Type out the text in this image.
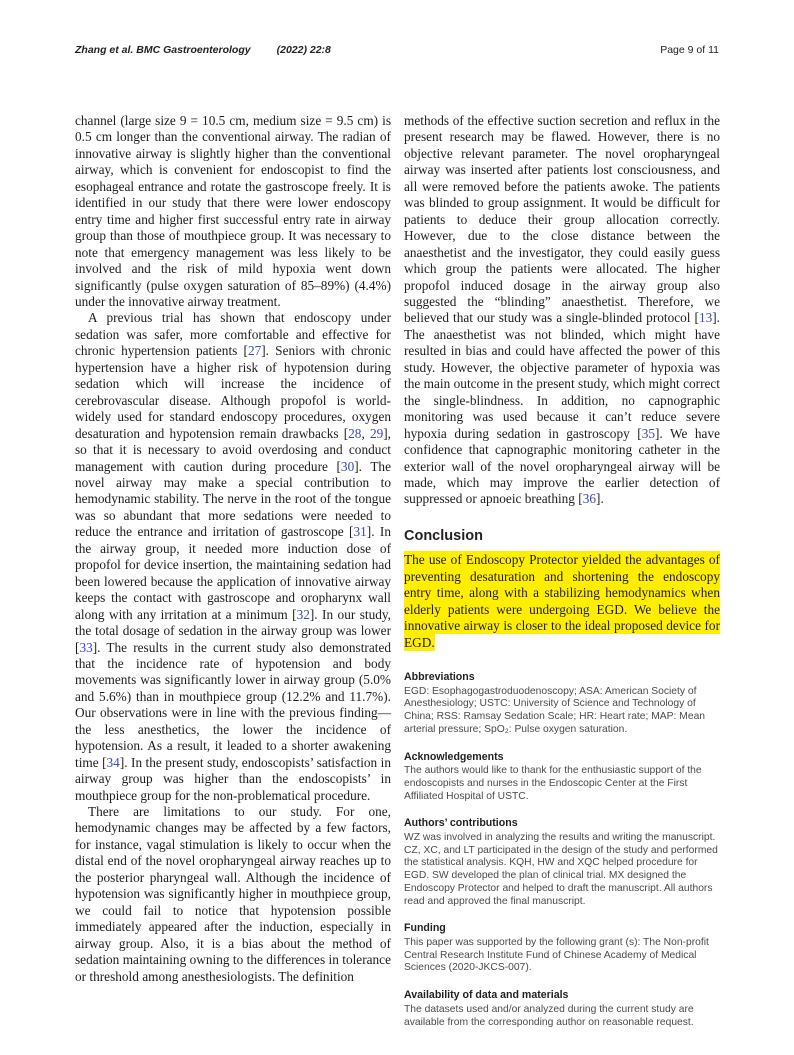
Zhang et al. BMC Gastroenterology (2022) 22:8	Page 9 of 11

channel (large size 9 = 10.5 cm, medium size = 9.5 cm) is 0.5 cm longer than the conventional airway. The radian of innovative airway is slightly higher than the conventional airway, which is convenient for endoscopist to find the esophageal entrance and rotate the gastroscope freely. It is identified in our study that there were lower endoscopy entry time and higher first successful entry rate in airway group than those of mouthpiece group. It was necessary to note that emergency management was less likely to be involved and the risk of mild hypoxia went down significantly (pulse oxygen saturation of 85–89%) (4.4%) under the innovative airway treatment.

A previous trial has shown that endoscopy under sedation was safer, more comfortable and effective for chronic hypertension patients [27]. Seniors with chronic hypertension have a higher risk of hypotension during sedation which will increase the incidence of cerebrovascular disease. Although propofol is world-widely used for standard endoscopy procedures, oxygen desaturation and hypotension remain drawbacks [28, 29], so that it is necessary to avoid overdosing and conduct management with caution during procedure [30]. The novel airway may make a special contribution to hemodynamic stability. The nerve in the root of the tongue was so abundant that more sedations were needed to reduce the entrance and irritation of gastroscope [31]. In the airway group, it needed more induction dose of propofol for device insertion, the maintaining sedation had been lowered because the application of innovative airway keeps the contact with gastroscope and oropharynx wall along with any irritation at a minimum [32]. In our study, the total dosage of sedation in the airway group was lower [33]. The results in the current study also demonstrated that the incidence rate of hypotension and body movements was significantly lower in airway group (5.0% and 5.6%) than in mouthpiece group (12.2% and 11.7%). Our observations were in line with the previous finding—the less anesthetics, the lower the incidence of hypotension. As a result, it leaded to a shorter awakening time [34]. In the present study, endoscopists’ satisfaction in airway group was higher than the endoscopists’ in mouthpiece group for the non-problematical procedure.

There are limitations to our study. For one, hemodynamic changes may be affected by a few factors, for instance, vagal stimulation is likely to occur when the distal end of the novel oropharyngeal airway reaches up to the posterior pharyngeal wall. Although the incidence of hypotension was significantly higher in mouthpiece group, we could fail to notice that hypotension possible immediately appeared after the induction, especially in airway group. Also, it is a bias about the method of sedation maintaining owning to the differences in tolerance or threshold among anesthesiologists. The definition

methods of the effective suction secretion and reflux in the present research may be flawed. However, there is no objective relevant parameter. The novel oropharyngeal airway was inserted after patients lost consciousness, and all were removed before the patients awoke. The patients was blinded to group assignment. It would be difficult for patients to deduce their group allocation correctly. However, due to the close distance between the anaesthetist and the investigator, they could easily guess which group the patients were allocated. The higher propofol induced dosage in the airway group also suggested the “blinding” anaesthetist. Therefore, we believed that our study was a single-blinded protocol [13]. The anaesthetist was not blinded, which might have resulted in bias and could have affected the power of this study. However, the objective parameter of hypoxia was the main outcome in the present study, which might correct the single-blindness. In addition, no capnographic monitoring was used because it can’t reduce severe hypoxia during sedation in gastroscopy [35]. We have confidence that capnographic monitoring catheter in the exterior wall of the novel oropharyngeal airway will be made, which may improve the earlier detection of suppressed or apnoeic breathing [36].

Conclusion

The use of Endoscopy Protector yielded the advantages of preventing desaturation and shortening the endoscopy entry time, along with a stabilizing hemodynamics when elderly patients were undergoing EGD. We believe the innovative airway is closer to the ideal proposed device for EGD.

Abbreviations

EGD: Esophagogastroduodenoscopy; ASA: American Society of Anesthesiology; USTC: University of Science and Technology of China; RSS: Ramsay Sedation Scale; HR: Heart rate; MAP: Mean arterial pressure; SpO₂: Pulse oxygen saturation.

Acknowledgements

The authors would like to thank for the enthusiastic support of the endoscopists and nurses in the Endoscopic Center at the First Affiliated Hospital of USTC.

Authors’ contributions

WZ was involved in analyzing the results and writing the manuscript. CZ, XC, and LT participated in the design of the study and performed the statistical analysis. KQH, HW and XQC helped procedure for EGD. SW developed the plan of clinical trial. MX designed the Endoscopy Protector and helped to draft the manuscript. All authors read and approved the final manuscript.

Funding

This paper was supported by the following grant (s): The Non-profit Central Research Institute Fund of Chinese Academy of Medical Sciences (2020-JKCS-007).

Availability of data and materials

The datasets used and/or analyzed during the current study are available from the corresponding author on reasonable request.
